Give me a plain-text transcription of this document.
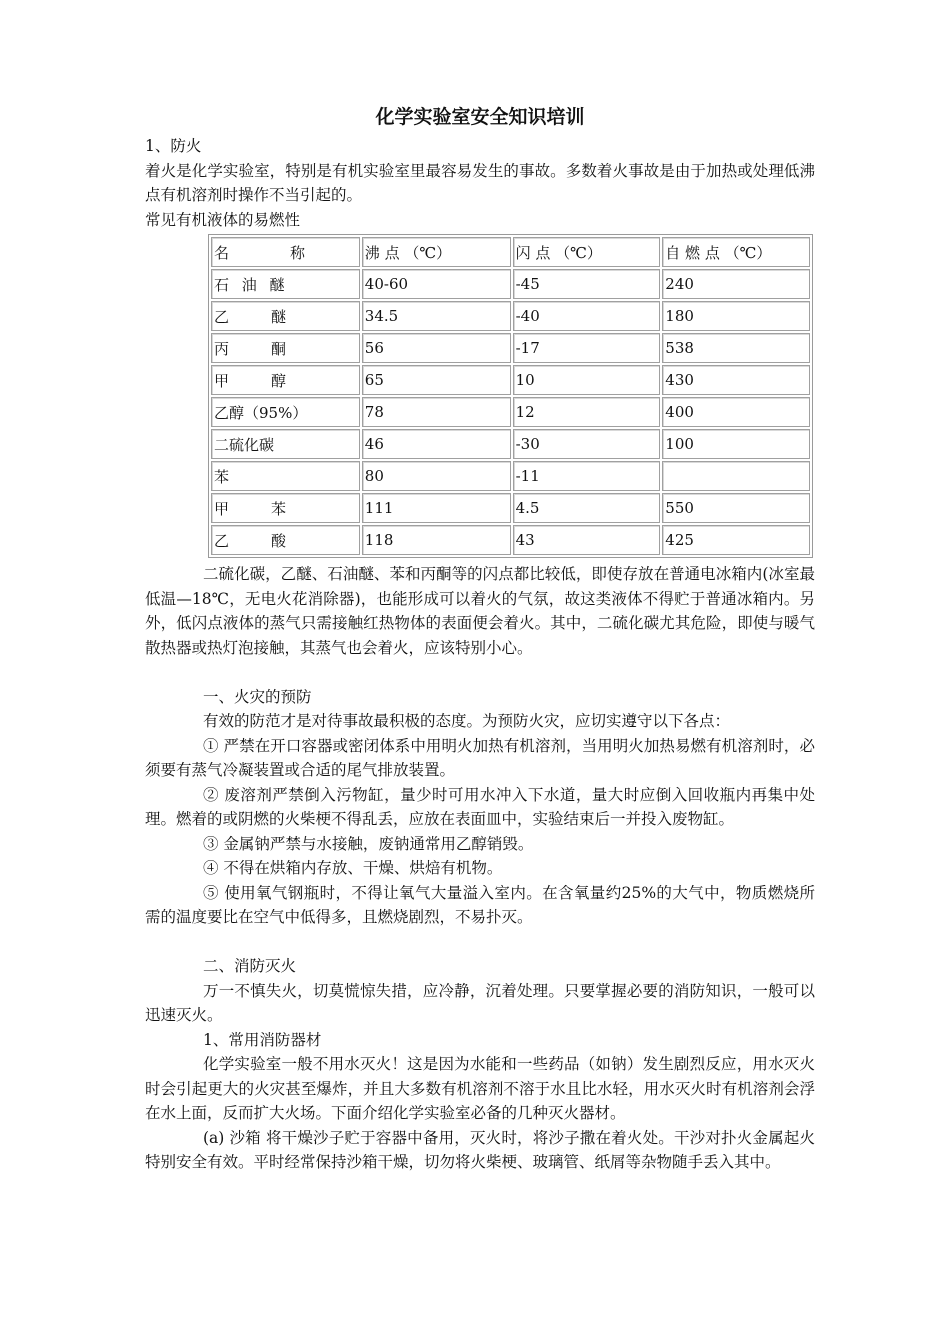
化学实验室安全知识培训

1、防火

着火是化学实验室，特别是有机实验室里最容易发生的事故。多数着火事故是由于加热或处理低沸点有机溶剂时操作不当引起的。

常见有机液体的易燃性

名　　　称	沸 点 （℃）	闪 点 （℃）	自 燃 点 （℃）
石 油 醚	40-60	-45	240
乙　　醚	34.5	-40	180
丙　　酮	56	-17	538
甲　　醇	65	10	430
乙醇（95%）	78	12	400
二硫化碳	46	-30	100
苯	80	-11	
甲　　苯	111	4.5	550
乙　　酸	118	43	425

二硫化碳，乙醚、石油醚、苯和丙酮等的闪点都比较低，即使存放在普通电冰箱内(冰室最低温—18℃，无电火花消除器)，也能形成可以着火的气氛，故这类液体不得贮于普通冰箱内。另外，低闪点液体的蒸气只需接触红热物体的表面便会着火。其中，二硫化碳尤其危险，即使与暖气散热器或热灯泡接触，其蒸气也会着火，应该特别小心。

一、火灾的预防

有效的防范才是对待事故最积极的态度。为预防火灾，应切实遵守以下各点：

① 严禁在开口容器或密闭体系中用明火加热有机溶剂，当用明火加热易燃有机溶剂时，必须要有蒸气冷凝装置或合适的尾气排放装置。

② 废溶剂严禁倒入污物缸，量少时可用水冲入下水道，量大时应倒入回收瓶内再集中处理。燃着的或阴燃的火柴梗不得乱丢，应放在表面皿中，实验结束后一并投入废物缸。

③ 金属钠严禁与水接触，废钠通常用乙醇销毁。

④ 不得在烘箱内存放、干燥、烘焙有机物。

⑤ 使用氧气钢瓶时，不得让氧气大量溢入室内。在含氧量约25%的大气中，物质燃烧所需的温度要比在空气中低得多，且燃烧剧烈，不易扑灭。

二、消防灭火

万一不慎失火，切莫慌惊失措，应冷静，沉着处理。只要掌握必要的消防知识，一般可以迅速灭火。

1、常用消防器材

化学实验室一般不用水灭火！这是因为水能和一些药品（如钠）发生剧烈反应，用水灭火时会引起更大的火灾甚至爆炸，并且大多数有机溶剂不溶于水且比水轻，用水灭火时有机溶剂会浮在水上面，反而扩大火场。下面介绍化学实验室必备的几种灭火器材。

(a) 沙箱 将干燥沙子贮于容器中备用，灭火时，将沙子撒在着火处。干沙对扑火金属起火特别安全有效。平时经常保持沙箱干燥，切勿将火柴梗、玻璃管、纸屑等杂物随手丢入其中。
